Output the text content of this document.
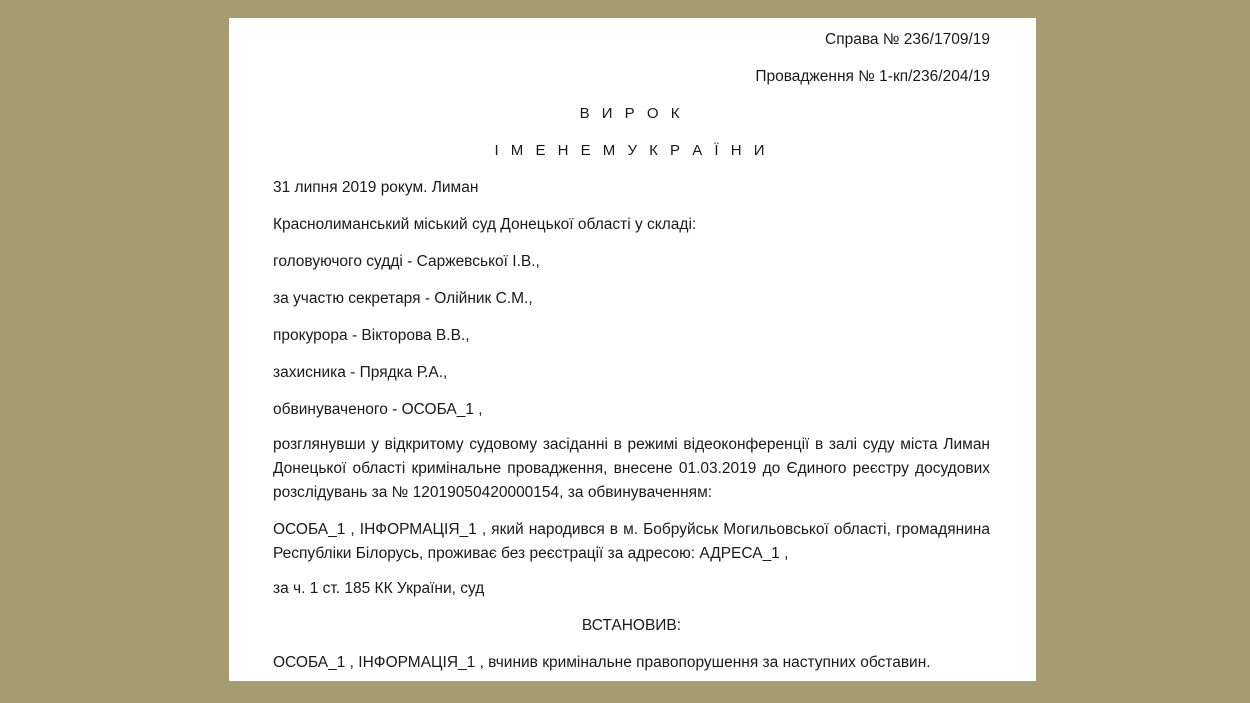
Справа № 236/1709/19

Провадження № 1-кп/236/204/19

В И Р О К

І М Е Н Е М У К Р А Ї Н И

31 липня 2019 рокум. Лиман

Краснолиманський міський суд Донецької області у складі:

головуючого судді - Саржевської І.В.,

за участю секретаря - Олійник С.М.,

прокурора - Вікторова В.В.,

захисника - Прядка Р.А.,

обвинуваченого - ОСОБА_1 ,

розглянувши у відкритому судовому засіданні в режимі відеоконференції в залі суду міста Лиман Донецької області кримінальне провадження, внесене 01.03.2019 до Єдиного реєстру досудових розслідувань за № 12019050420000154, за обвинуваченням:

ОСОБА_1 , ІНФОРМАЦІЯ_1 , який народився в м. Бобруйськ Могильовської області, громадянина Республіки Білорусь, проживає без реєстрації за адресою: АДРЕСА_1 ,

за ч. 1 ст. 185 КК України, суд

ВСТАНОВИВ:

ОСОБА_1 , ІНФОРМАЦІЯ_1 , вчинив кримінальне правопорушення за наступних обставин.
